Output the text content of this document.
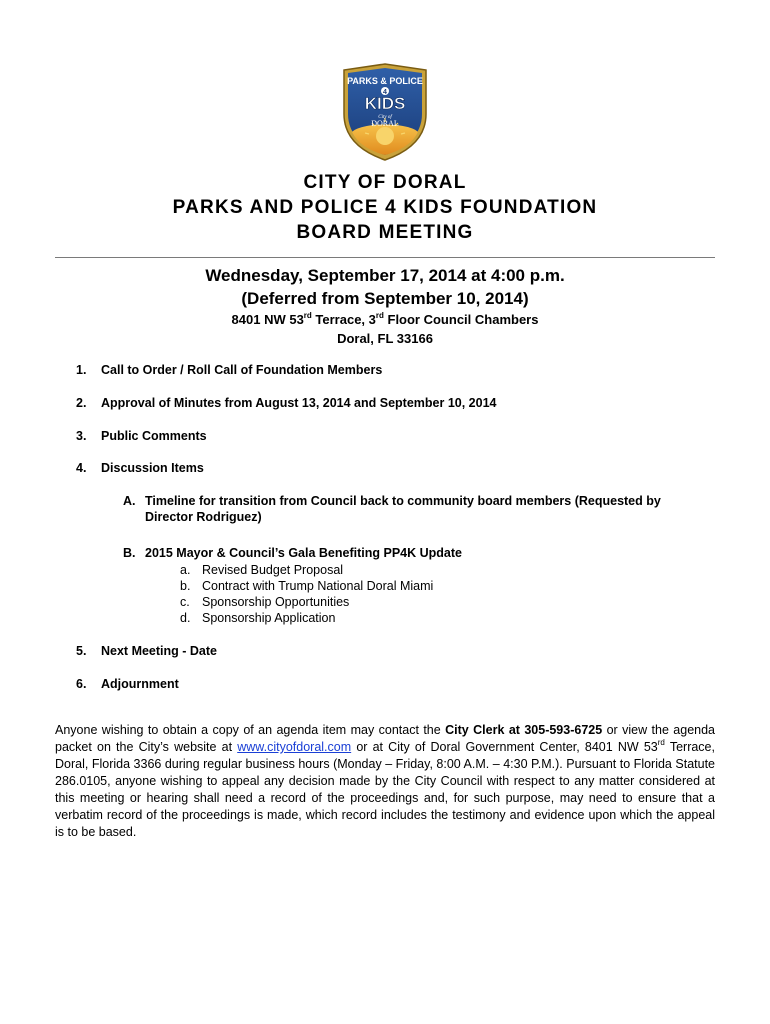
PARKS & POLICE
4
KIDS
City of
DORAL
CITY OF DORAL
PARKS AND POLICE 4 KIDS FOUNDATION
BOARD MEETING
Wednesday, September 17, 2014 at 4:00 p.m.
(Deferred from September 10, 2014)
8401 NW 53rd Terrace, 3rd Floor Council Chambers
Doral, FL 33166
1.	Call to Order / Roll Call of Foundation Members
2.	Approval of Minutes from August 13, 2014 and September 10, 2014
3.	Public Comments
4.	Discussion Items
A. Timeline for transition from Council back to community board members (Requested by Director Rodriguez)
B. 2015 Mayor & Council’s Gala Benefiting PP4K Update
a. Revised Budget Proposal
b. Contract with Trump National Doral Miami
c. Sponsorship Opportunities
d. Sponsorship Application
5.	Next Meeting - Date
6.	Adjournment
Anyone wishing to obtain a copy of an agenda item may contact the City Clerk at 305-593-6725 or view the agenda packet on the City’s website at www.cityofdoral.com or at City of Doral Government Center, 8401 NW 53rd Terrace, Doral, Florida 3366 during regular business hours (Monday – Friday, 8:00 A.M. – 4:30 P.M.). Pursuant to Florida Statute 286.0105, anyone wishing to appeal any decision made by the City Council with respect to any matter considered at this meeting or hearing shall need a record of the proceedings and, for such purpose, may need to ensure that a verbatim record of the proceedings is made, which record includes the testimony and evidence upon which the appeal is to be based.
